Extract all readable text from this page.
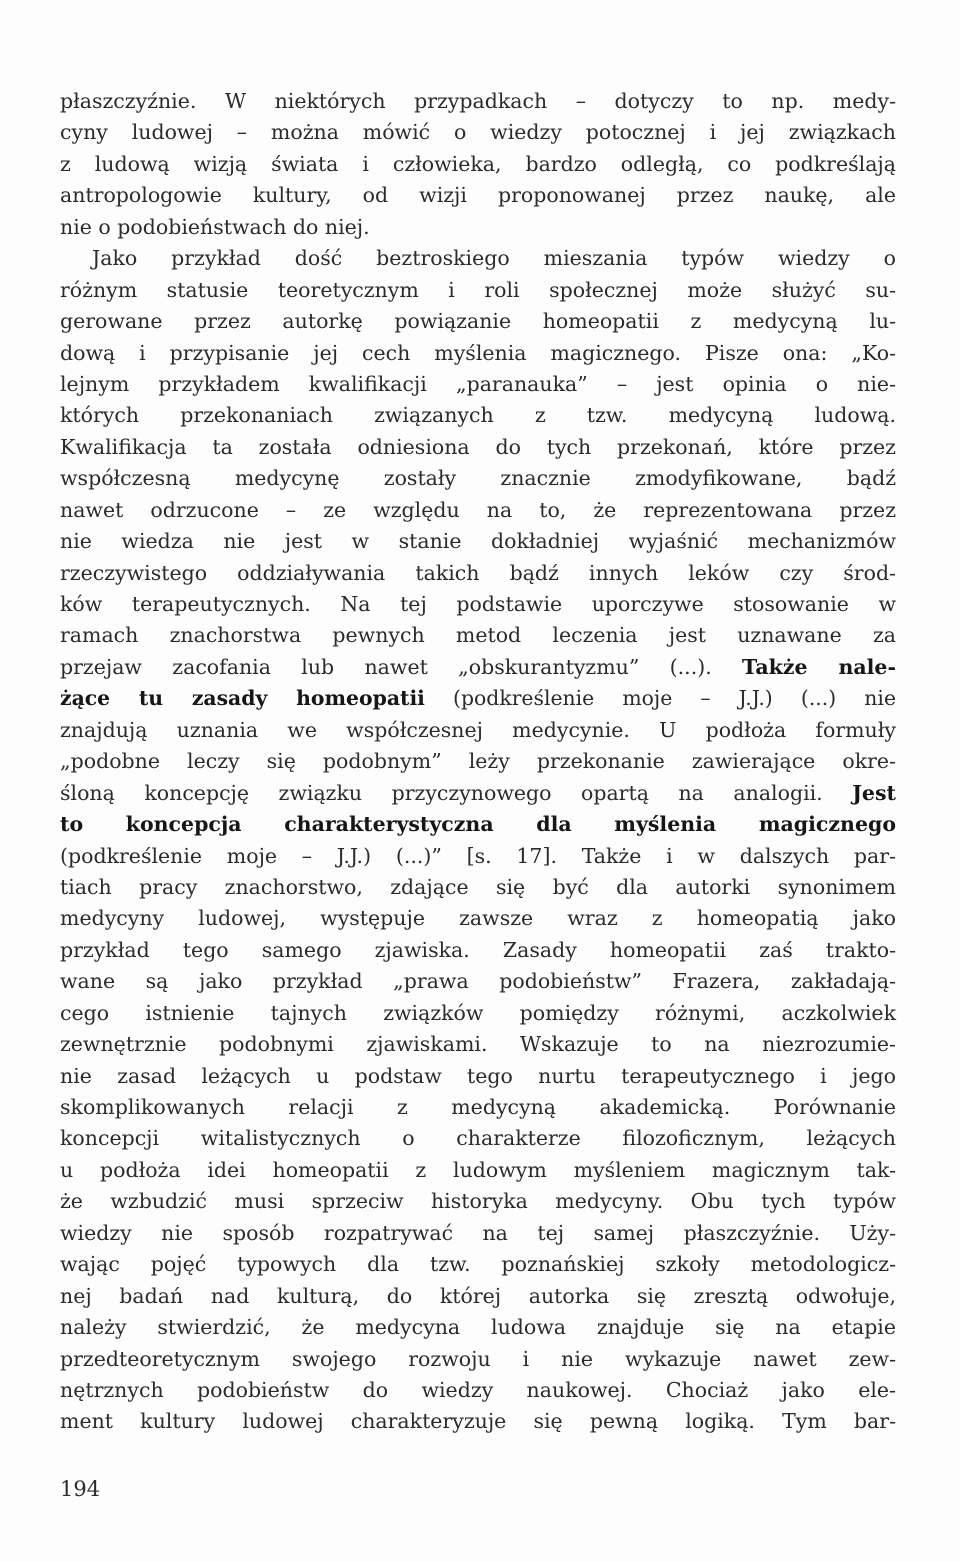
płaszczyźnie. W niektórych przypadkach – dotyczy to np. medy-
cyny ludowej – można mówić o wiedzy potocznej i jej związkach
z ludową wizją świata i człowieka, bardzo odległą, co podkreślają
antropologowie kultury, od wizji proponowanej przez naukę, ale
nie o podobieństwach do niej.
Jako przykład dość beztroskiego mieszania typów wiedzy o
różnym statusie teoretycznym i roli społecznej może służyć su-
gerowane przez autorkę powiązanie homeopatii z medycyną lu-
dową i przypisanie jej cech myślenia magicznego. Pisze ona: „Ko-
lejnym przykładem kwalifikacji „paranauka” – jest opinia o nie-
których przekonaniach związanych z tzw. medycyną ludową.
Kwalifikacja ta została odniesiona do tych przekonań, które przez
współczesną medycynę zostały znacznie zmodyfikowane, bądź
nawet odrzucone – ze względu na to, że reprezentowana przez
nie wiedza nie jest w stanie dokładniej wyjaśnić mechanizmów
rzeczywistego oddziaływania takich bądź innych leków czy środ-
ków terapeutycznych. Na tej podstawie uporczywe stosowanie w
ramach znachorstwa pewnych metod leczenia jest uznawane za
przejaw zacofania lub nawet „obskurantyzmu” (...). Także nale-
żące tu zasady homeopatii (podkreślenie moje – J.J.) (...) nie
znajdują uznania we współczesnej medycynie. U podłoża formuły
„podobne leczy się podobnym” leży przekonanie zawierające okre-
śloną koncepcję związku przyczynowego opartą na analogii. Jest
to koncepcja charakterystyczna dla myślenia magicznego
(podkreślenie moje – J.J.) (...)” [s. 17]. Także i w dalszych par-
tiach pracy znachorstwo, zdające się być dla autorki synonimem
medycyny ludowej, występuje zawsze wraz z homeopatią jako
przykład tego samego zjawiska. Zasady homeopatii zaś trakto-
wane są jako przykład „prawa podobieństw” Frazera, zakładają-
cego istnienie tajnych związków pomiędzy różnymi, aczkolwiek
zewnętrznie podobnymi zjawiskami. Wskazuje to na niezrozumie-
nie zasad leżących u podstaw tego nurtu terapeutycznego i jego
skomplikowanych relacji z medycyną akademicką. Porównanie
koncepcji witalistycznych o charakterze filozoficznym, leżących
u podłoża idei homeopatii z ludowym myśleniem magicznym tak-
że wzbudzić musi sprzeciw historyka medycyny. Obu tych typów
wiedzy nie sposób rozpatrywać na tej samej płaszczyźnie. Uży-
wając pojęć typowych dla tzw. poznańskiej szkoły metodologicz-
nej badań nad kulturą, do której autorka się zresztą odwołuje,
należy stwierdzić, że medycyna ludowa znajduje się na etapie
przedteoretycznym swojego rozwoju i nie wykazuje nawet zew-
nętrznych podobieństw do wiedzy naukowej. Chociaż jako ele-
ment kultury ludowej charakteryzuje się pewną logiką. Tym bar-
194
